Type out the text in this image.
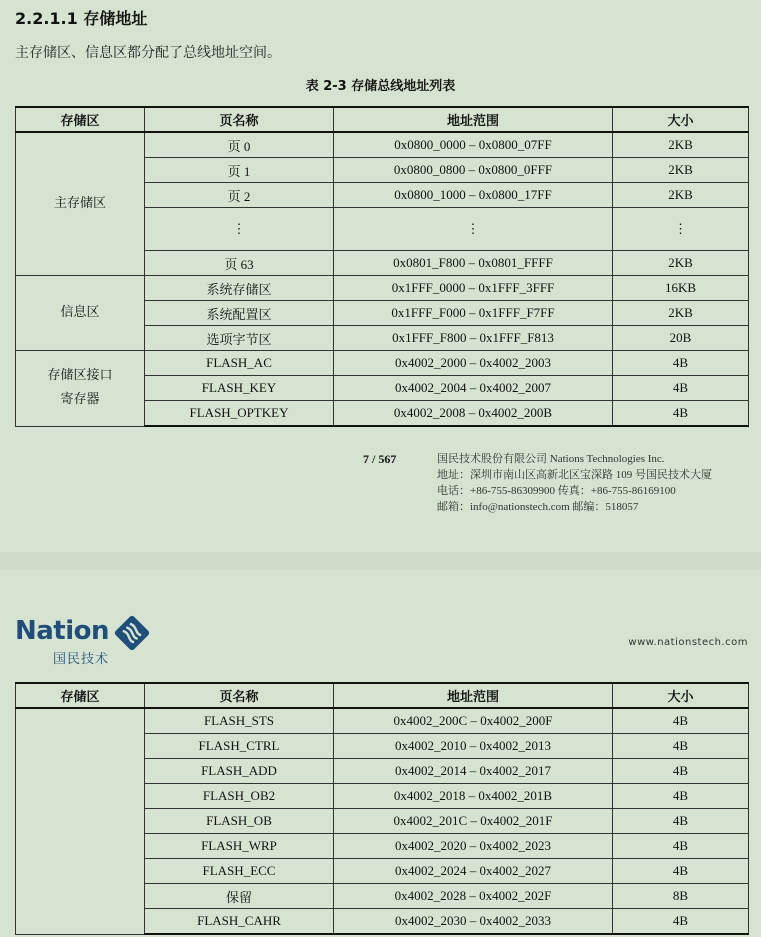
2.2.1.1 存储地址
主存储区、信息区都分配了总线地址空间。
表 2-3 存储总线地址列表
存储区	页名称	地址范围	大小
主存储区	页 0	0x0800_0000 – 0x0800_07FF	2KB
	页 1	0x0800_0800 – 0x0800_0FFF	2KB
	页 2	0x0800_1000 – 0x0800_17FF	2KB
	⋮	⋮	⋮
	页 63	0x0801_F800 – 0x0801_FFFF	2KB
信息区	系统存储区	0x1FFF_0000 – 0x1FFF_3FFF	16KB
	系统配置区	0x1FFF_F000 – 0x1FFF_F7FF	2KB
	选项字节区	0x1FFF_F800 – 0x1FFF_F813	20B

存储区接口
寄存器	FLASH_AC	0x4002_2000 – 0x4002_2003	4B
	FLASH_KEY	0x4002_2004 – 0x4002_2007	4B
	FLASH_OPTKEY	0x4002_2008 – 0x4002_200B	4B
7 / 567	国民技术股份有限公司 Nations Technologies Inc.
地址：深圳市南山区高新北区宝深路 109 号国民技术大厦
电话：+86-755-86309900 传真：+86-755-86169100
邮箱：info@nationstech.com 邮编：518057
Nation
国民技术
www.nationstech.com
存储区	页名称	地址范围	大小
	FLASH_STS	0x4002_200C – 0x4002_200F	4B
	FLASH_CTRL	0x4002_2010 – 0x4002_2013	4B
	FLASH_ADD	0x4002_2014 – 0x4002_2017	4B
	FLASH_OB2	0x4002_2018 – 0x4002_201B	4B
	FLASH_OB	0x4002_201C – 0x4002_201F	4B
	FLASH_WRP	0x4002_2020 – 0x4002_2023	4B
	FLASH_ECC	0x4002_2024 – 0x4002_2027	4B
	保留	0x4002_2028 – 0x4002_202F	8B
	FLASH_CAHR	0x4002_2030 – 0x4002_2033	4B
